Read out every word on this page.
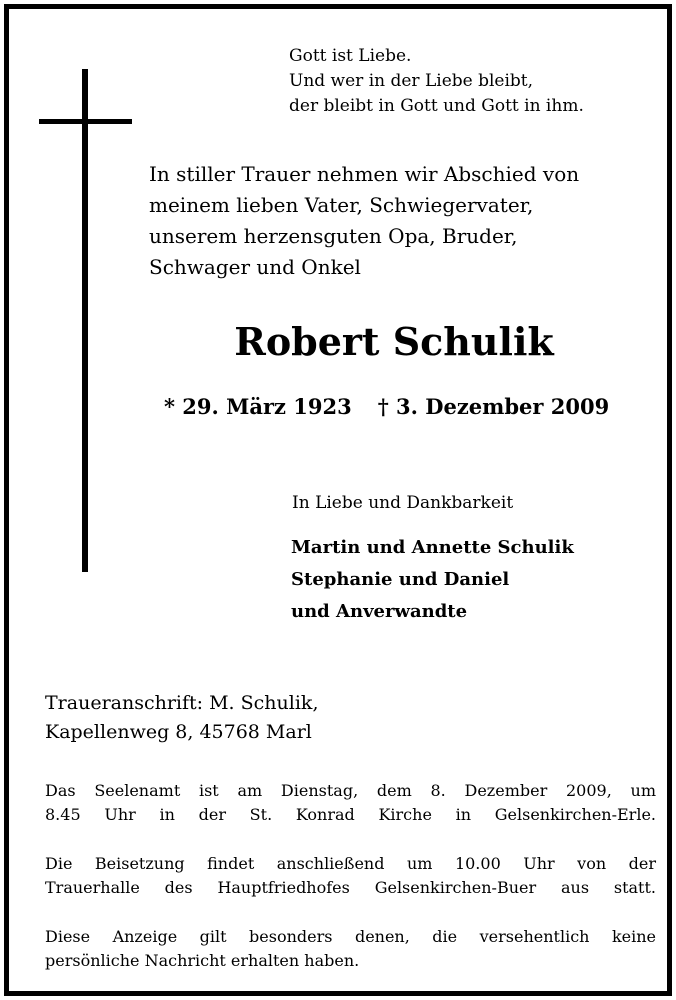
Gott ist Liebe.
Und wer in der Liebe bleibt,
der bleibt in Gott und Gott in ihm.
In stiller Trauer nehmen wir Abschied von
meinem lieben Vater, Schwiegervater,
unserem herzensguten Opa, Bruder,
Schwager und Onkel
Robert Schulik
* 29. März 1923 † 3. Dezember 2009
In Liebe und Dankbarkeit
Martin und Annette Schulik
Stephanie und Daniel
und Anverwandte
Traueranschrift: M. Schulik,
Kapellenweg 8, 45768 Marl
Das Seelenamt ist am Dienstag, dem 8. Dezember 2009, um
8.45 Uhr in der St. Konrad Kirche in Gelsenkirchen-Erle.
Die Beisetzung findet anschließend um 10.00 Uhr von der
Trauerhalle des Hauptfriedhofes Gelsenkirchen-Buer aus statt.
Diese Anzeige gilt besonders denen, die versehentlich keine
persönliche Nachricht erhalten haben.
